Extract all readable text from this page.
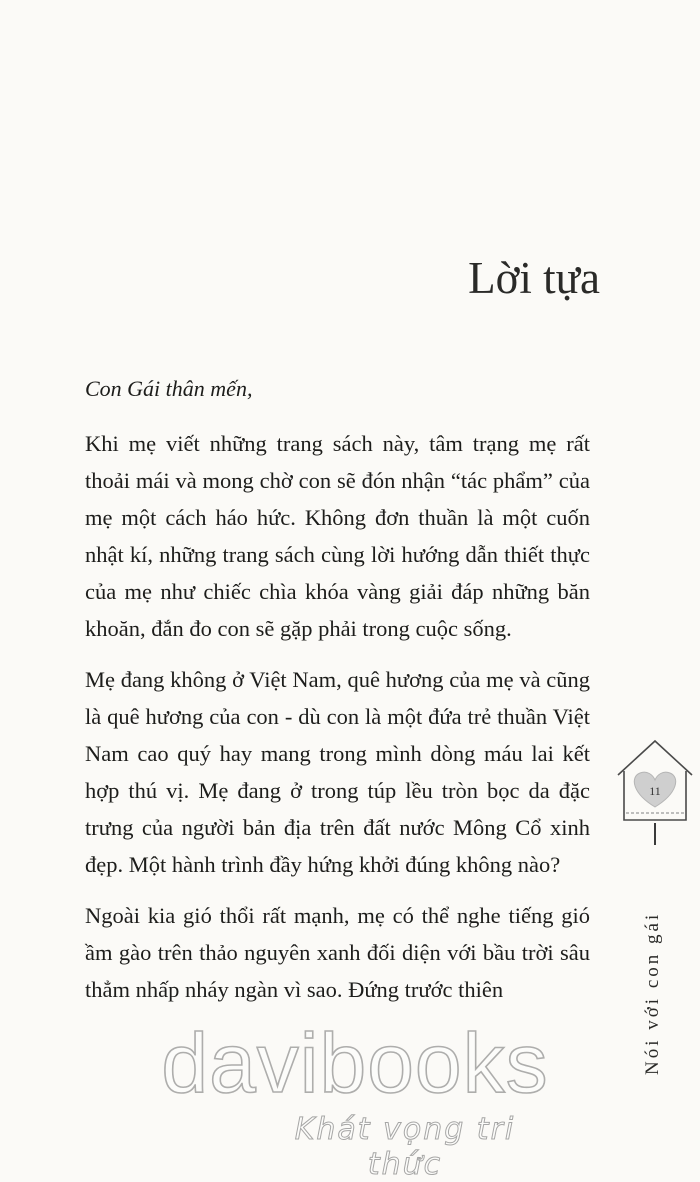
Lời tựa
Con Gái thân mến,

Khi mẹ viết những trang sách này, tâm trạng mẹ rất thoải mái và mong chờ con sẽ đón nhận “tác phẩm” của mẹ một cách háo hức. Không đơn thuần là một cuốn nhật kí, những trang sách cùng lời hướng dẫn thiết thực của mẹ như chiếc chìa khóa vàng giải đáp những băn khoăn, đắn đo con sẽ gặp phải trong cuộc sống.

Mẹ đang không ở Việt Nam, quê hương của mẹ và cũng là quê hương của con - dù con là một đứa trẻ thuần Việt Nam cao quý hay mang trong mình dòng máu lai kết hợp thú vị. Mẹ đang ở trong túp lều tròn bọc da đặc trưng của người bản địa trên đất nước Mông Cổ xinh đẹp. Một hành trình đầy hứng khởi đúng không nào?

Ngoài kia gió thổi rất mạnh, mẹ có thể nghe tiếng gió ầm gào trên thảo nguyên xanh đối diện với bầu trời sâu thẳm nhấp nháy ngàn vì sao. Đứng trước thiên

11
Nói với con gái
davibooks
Khát vọng tri thức
